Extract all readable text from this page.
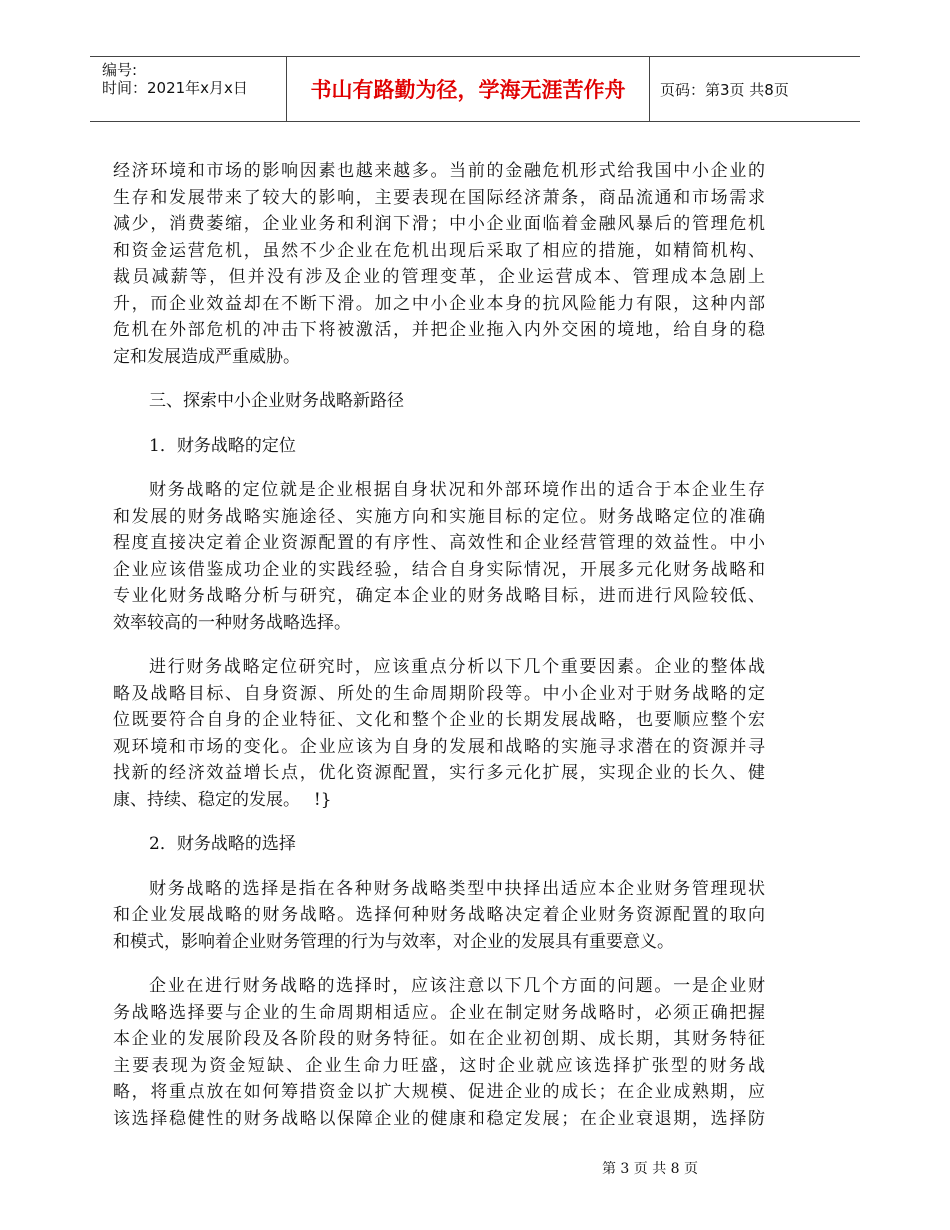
编号:
时间：2021年x月x日	书山有路勤为径，学海无涯苦作舟	页码：第3页 共8页
经济环境和市场的影响因素也越来越多。当前的金融危机形式给我国中小企业的
生存和发展带来了较大的影响，主要表现在国际经济萧条，商品流通和市场需求
减少，消费萎缩，企业业务和利润下滑；中小企业面临着金融风暴后的管理危机
和资金运营危机，虽然不少企业在危机出现后采取了相应的措施，如精简机构、
裁员减薪等，但并没有涉及企业的管理变革，企业运营成本、管理成本急剧上
升，而企业效益却在不断下滑。加之中小企业本身的抗风险能力有限，这种内部
危机在外部危机的冲击下将被激活，并把企业拖入内外交困的境地，给自身的稳
定和发展造成严重威胁。
三、探索中小企业财务战略新路径
1．财务战略的定位
财务战略的定位就是企业根据自身状况和外部环境作出的适合于本企业生存
和发展的财务战略实施途径、实施方向和实施目标的定位。财务战略定位的准确
程度直接决定着企业资源配置的有序性、高效性和企业经营管理的效益性。中小
企业应该借鉴成功企业的实践经验，结合自身实际情况，开展多元化财务战略和
专业化财务战略分析与研究，确定本企业的财务战略目标，进而进行风险较低、
效率较高的一种财务战略选择。
进行财务战略定位研究时，应该重点分析以下几个重要因素。企业的整体战
略及战略目标、自身资源、所处的生命周期阶段等。中小企业对于财务战略的定
位既要符合自身的企业特征、文化和整个企业的长期发展战略，也要顺应整个宏
观环境和市场的变化。企业应该为自身的发展和战略的实施寻求潜在的资源并寻
找新的经济效益增长点，优化资源配置，实行多元化扩展，实现企业的长久、健
康、持续、稳定的发展。　 !}
2．财务战略的选择
财务战略的选择是指在各种财务战略类型中抉择出适应本企业财务管理现状
和企业发展战略的财务战略。选择何种财务战略决定着企业财务资源配置的取向
和模式，影响着企业财务管理的行为与效率，对企业的发展具有重要意义。
企业在进行财务战略的选择时，应该注意以下几个方面的问题。一是企业财
务战略选择要与企业的生命周期相适应。企业在制定财务战略时，必须正确把握
本企业的发展阶段及各阶段的财务特征。如在企业初创期、成长期，其财务特征
主要表现为资金短缺、企业生命力旺盛，这时企业就应该选择扩张型的财务战
略，将重点放在如何筹措资金以扩大规模、促进企业的成长；在企业成熟期，应
该选择稳健性的财务战略以保障企业的健康和稳定发展；在企业衰退期，选择防
第 3 页 共 8 页
